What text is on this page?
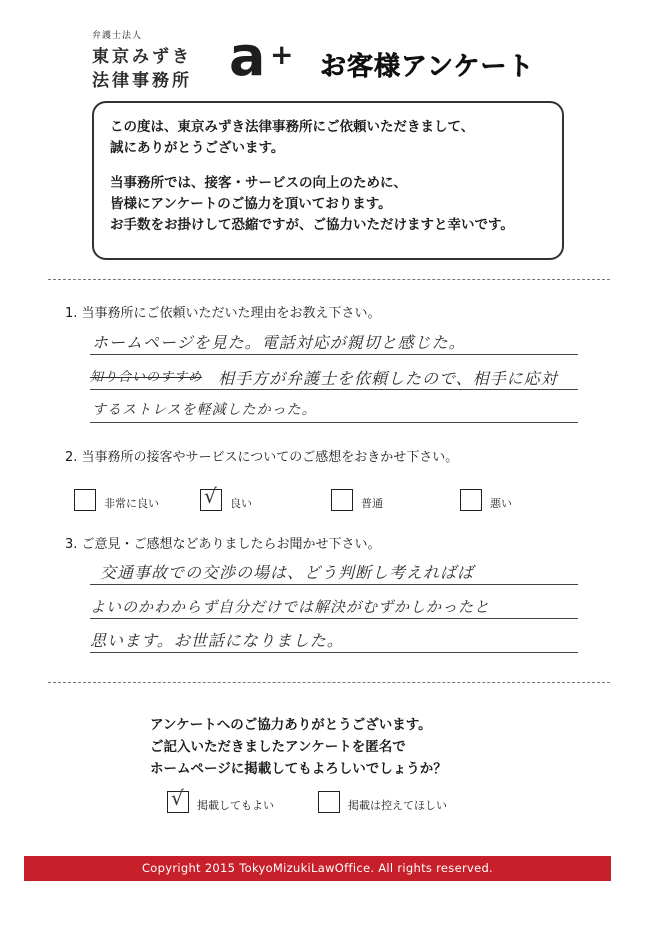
弁護士法人
東京みずき
法律事務所 a + お客様アンケート

この度は、東京みずき法律事務所にご依頼いただきまして、

誠にありがとうございます。

当事務所では、接客・サービスの向上のために、

皆様にアンケートのご協力を頂いております。

お手数をお掛けして恐縮ですが、ご協力いただけますと幸いです。

1. 当事務所にご依頼いただいた理由をお教え下さい。
ホームページを見た。電話対応が親切と感じた。
知り合いのすすめ 相手方が弁護士を依頼したので、相手に応対
するストレスを軽減したかった。
2. 当事務所の接客やサービスについてのご感想をおきかせ下さい。
非常に良い √ 良い	普通	悪い
3. ご意見・ご感想などありましたらお聞かせ下さい。
交通事故での交渉の場は、どう判断し考えればば
よいのかわからず自分だけでは解決がむずかしかったと
思います。お世話になりました。

アンケートへのご協力ありがとうございます。

ご記入いただきましたアンケートを匿名で

ホームページに掲載してもよろしいでしょうか？

√ 掲載してもよい	掲載は控えてほしい
Copyright 2015 TokyoMizukiLawOffice. All rights reserved.
